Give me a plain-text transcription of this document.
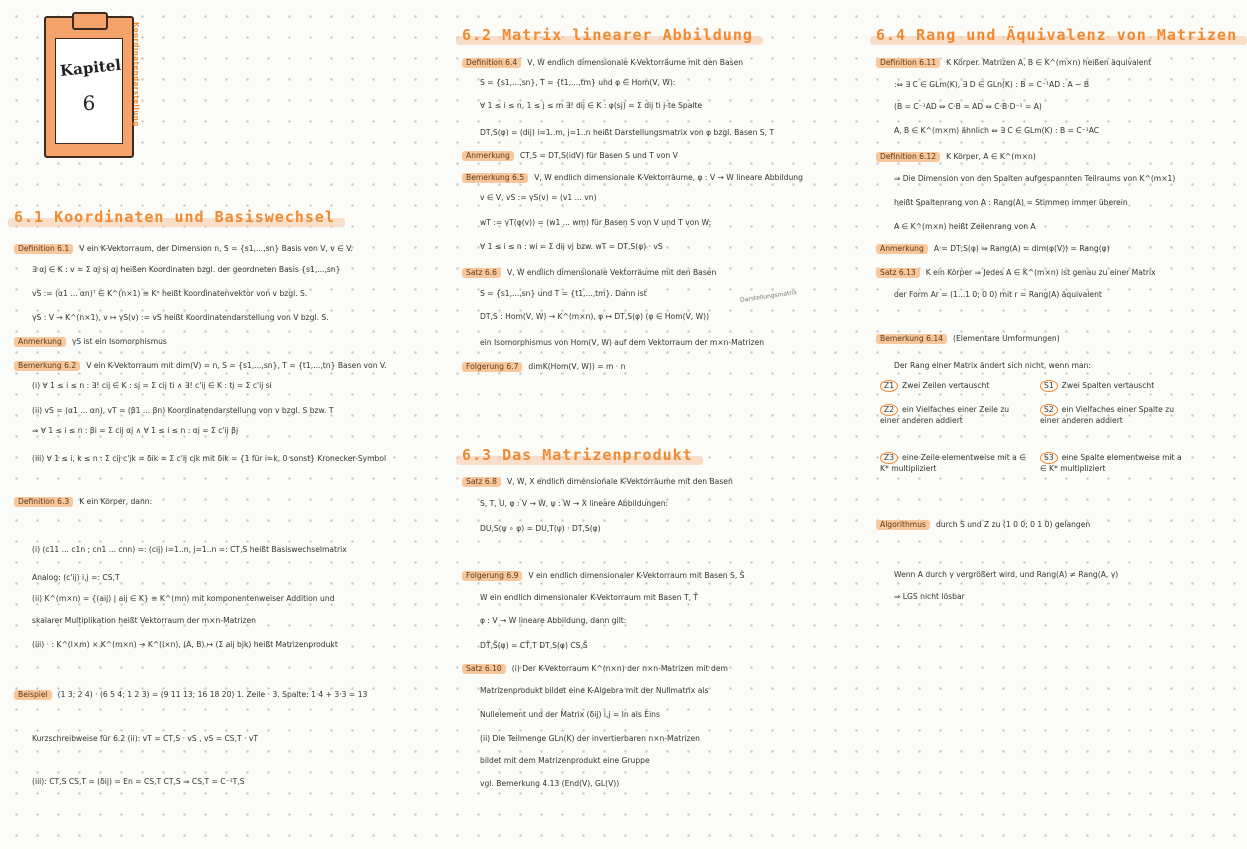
Kapitel
6	Koordinatendarstellung
6.1 Koordinaten und Basiswechsel
Definition 6.1 V ein K-Vektorraum, der Dimension n, S = {s1,...,sn} Basis von V, v ∈ V.
∃ αj ∈ K : v = Σ αj sj αj heißen Koordinaten bzgl. der geordneten Basis {s1,...,sn}
vS := (α1 ... αn)ᵀ ∈ K^(n×1) ≅ Kⁿ heißt Koordinatenvektor von v bzgl. S.
γS : V → K^(n×1), v ↦ γS(v) := vS heißt Koordinatendarstellung von V bzgl. S.
Anmerkung γS ist ein Isomorphismus
Bemerkung 6.2 V ein K-Vektorraum mit dim(V) = n, S = {s1,...,sn}, T = {t1,...,tn} Basen von V.
(i) ∀ 1 ≤ i ≤ n : ∃! cij ∈ K : sj = Σ cij ti ∧ ∃! c'ij ∈ K : tj = Σ c'ij si
(ii) vS = (α1 ... αn), vT = (β1 ... βn) Koordinatendarstellung von v bzgl. S bzw. T
⇒ ∀ 1 ≤ i ≤ n : βi = Σ cij αj ∧ ∀ 1 ≤ i ≤ n : αj = Σ c'ij βj
(iii) ∀ 1 ≤ i, k ≤ n : Σ cij c'jk = δik = Σ c'ij cjk mit δik = {1 für i=k, 0 sonst} Kronecker-Symbol
Definition 6.3 K ein Körper, dann:
(i) (c11 ... c1n ; cn1 ... cnn) =: (cij) i=1..n, j=1..n =: CT,S heißt Basiswechselmatrix
Analog: (c'ij) i,j =: CS,T
(ii) K^(m×n) = {(aij) | aij ∈ K} ≅ K^(mn) mit komponentenweiser Addition und
skalarer Multiplikation heißt Vektorraum der m×n-Matrizen
(iii) · : K^(l×m) × K^(m×n) → K^(l×n), (A, B) ↦ (Σ aij bjk) heißt Matrizenprodukt
Beispiel (1 3; 2 4) · (6 5 4; 1 2 3) = (9 11 13; 16 18 20) 1. Zeile · 3. Spalte: 1·4 + 3·3 = 13
Kurzschreibweise für 6.2 (ii): vT = CT,S · vS , vS = CS,T · vT
(iii): CT,S CS,T = (δij) = En = CS,T CT,S ⇒ CS,T = C⁻¹T,S
6.2 Matrix linearer Abbildung
Definition 6.4 V, W endlich dimensionale K-Vektorräume mit den Basen
S = {s1,...,sn}, T = {t1,...,tm} und φ ∈ Hom(V, W):
∀ 1 ≤ i ≤ n, 1 ≤ j ≤ m ∃! dij ∈ K : φ(sj) = Σ dij ti j-te Spalte
DT,S(φ) = (dij) i=1..m, j=1..n heißt Darstellungsmatrix von φ bzgl. Basen S, T
Anmerkung CT,S = DT,S(idV) für Basen S und T von V
Bemerkung 6.5 V, W endlich dimensionale K-Vektorräume, φ : V → W lineare Abbildung
v ∈ V, vS := γS(v) = (v1 ... vn)
wT := γT(φ(v)) = (w1 ... wm) für Basen S von V und T von W:
∀ 1 ≤ i ≤ n : wi = Σ dij vj bzw. wT = DT,S(φ) · vS
Satz 6.6 V, W endlich dimensionale Vektorräume mit den Basen
S = {s1,...,sn} und T = {t1,...,tm}. Dann ist
DT,S : Hom(V, W) → K^(m×n), φ ↦ DT,S(φ) (φ ∈ Hom(V, W))
ein Isomorphismus von Hom(V, W) auf dem Vektorraum der m×n-Matrizen
Folgerung 6.7 dimK(Hom(V, W)) = m · n
Darstellungsmatrix
6.3 Das Matrizenprodukt
Satz 6.8 V, W, X endlich dimensionale K-Vektorräume mit den Basen
S, T, U, φ : V → W, ψ : W → X lineare Abbildungen:
DU,S(ψ ∘ φ) = DU,T(ψ) · DT,S(φ)
Folgerung 6.9 V ein endlich dimensionaler K-Vektorraum mit Basen S, S̃
W ein endlich dimensionaler K-Vektorraum mit Basen T, T̃
φ : V → W lineare Abbildung, dann gilt:
DT̃,S̃(φ) = CT̃,T DT,S(φ) CS,S̃
Satz 6.10 (i) Der K-Vektorraum K^(n×n) der n×n-Matrizen mit dem
Matrizenprodukt bildet eine K-Algebra mit der Nullmatrix als
Nullelement und der Matrix (δij) i,j = In als Eins
(ii) Die Teilmenge GLn(K) der invertierbaren n×n-Matrizen
bildet mit dem Matrizenprodukt eine Gruppe
vgl. Bemerkung 4.13 (End(V), GL(V))
6.4 Rang und Äquivalenz von Matrizen
Definition 6.11 K Körper. Matrizen A, B ∈ K^(m×n) heißen äquivalent
:⇔ ∃ C ∈ GLm(K), ∃ D ∈ GLn(K) : B = C⁻¹AD : A ~ B
(B = C⁻¹AD ⇔ C·B = AD ⇔ C·B·D⁻¹ = A)
A, B ∈ K^(m×m) ähnlich ⇔ ∃ C ∈ GLm(K) : B = C⁻¹AC
Definition 6.12 K Körper, A ∈ K^(m×n)
⇒ Die Dimension von den Spalten aufgespannten Teilraums von K^(m×1)
heißt Spaltenrang von A : Rang(A) = Stimmen immer überein
A ∈ K^(m×n) heißt Zeilenrang von A
Anmerkung A = DT,S(φ) ⇒ Rang(A) = dim(φ(V)) = Rang(φ)
Satz 6.13 K ein Körper ⇒ Jedes A ∈ K^(m×n) ist genau zu einer Matrix
der Form Ar = (1...1 0; 0 0) mit r = Rang(A) äquivalent
Bemerkung 6.14 (Elementare Umformungen)
Der Rang einer Matrix ändert sich nicht, wenn man:
Z1 Zwei Zeilen vertauscht	S1 Zwei Spalten vertauscht
Z2 ein Vielfaches einer Zeile zu einer anderen addiert
S2 ein Vielfaches einer Spalte zu einer anderen addiert
Z3 eine Zeile elementweise mit a ∈ K* multipliziert
S3 eine Spalte elementweise mit a ∈ K* multipliziert
Algorithmus durch S und Z zu (1 0 0; 0 1 0) gelangen
Wenn A durch γ vergrößert wird, und Rang(A) ≠ Rang(A, γ)
⇒ LGS nicht lösbar
